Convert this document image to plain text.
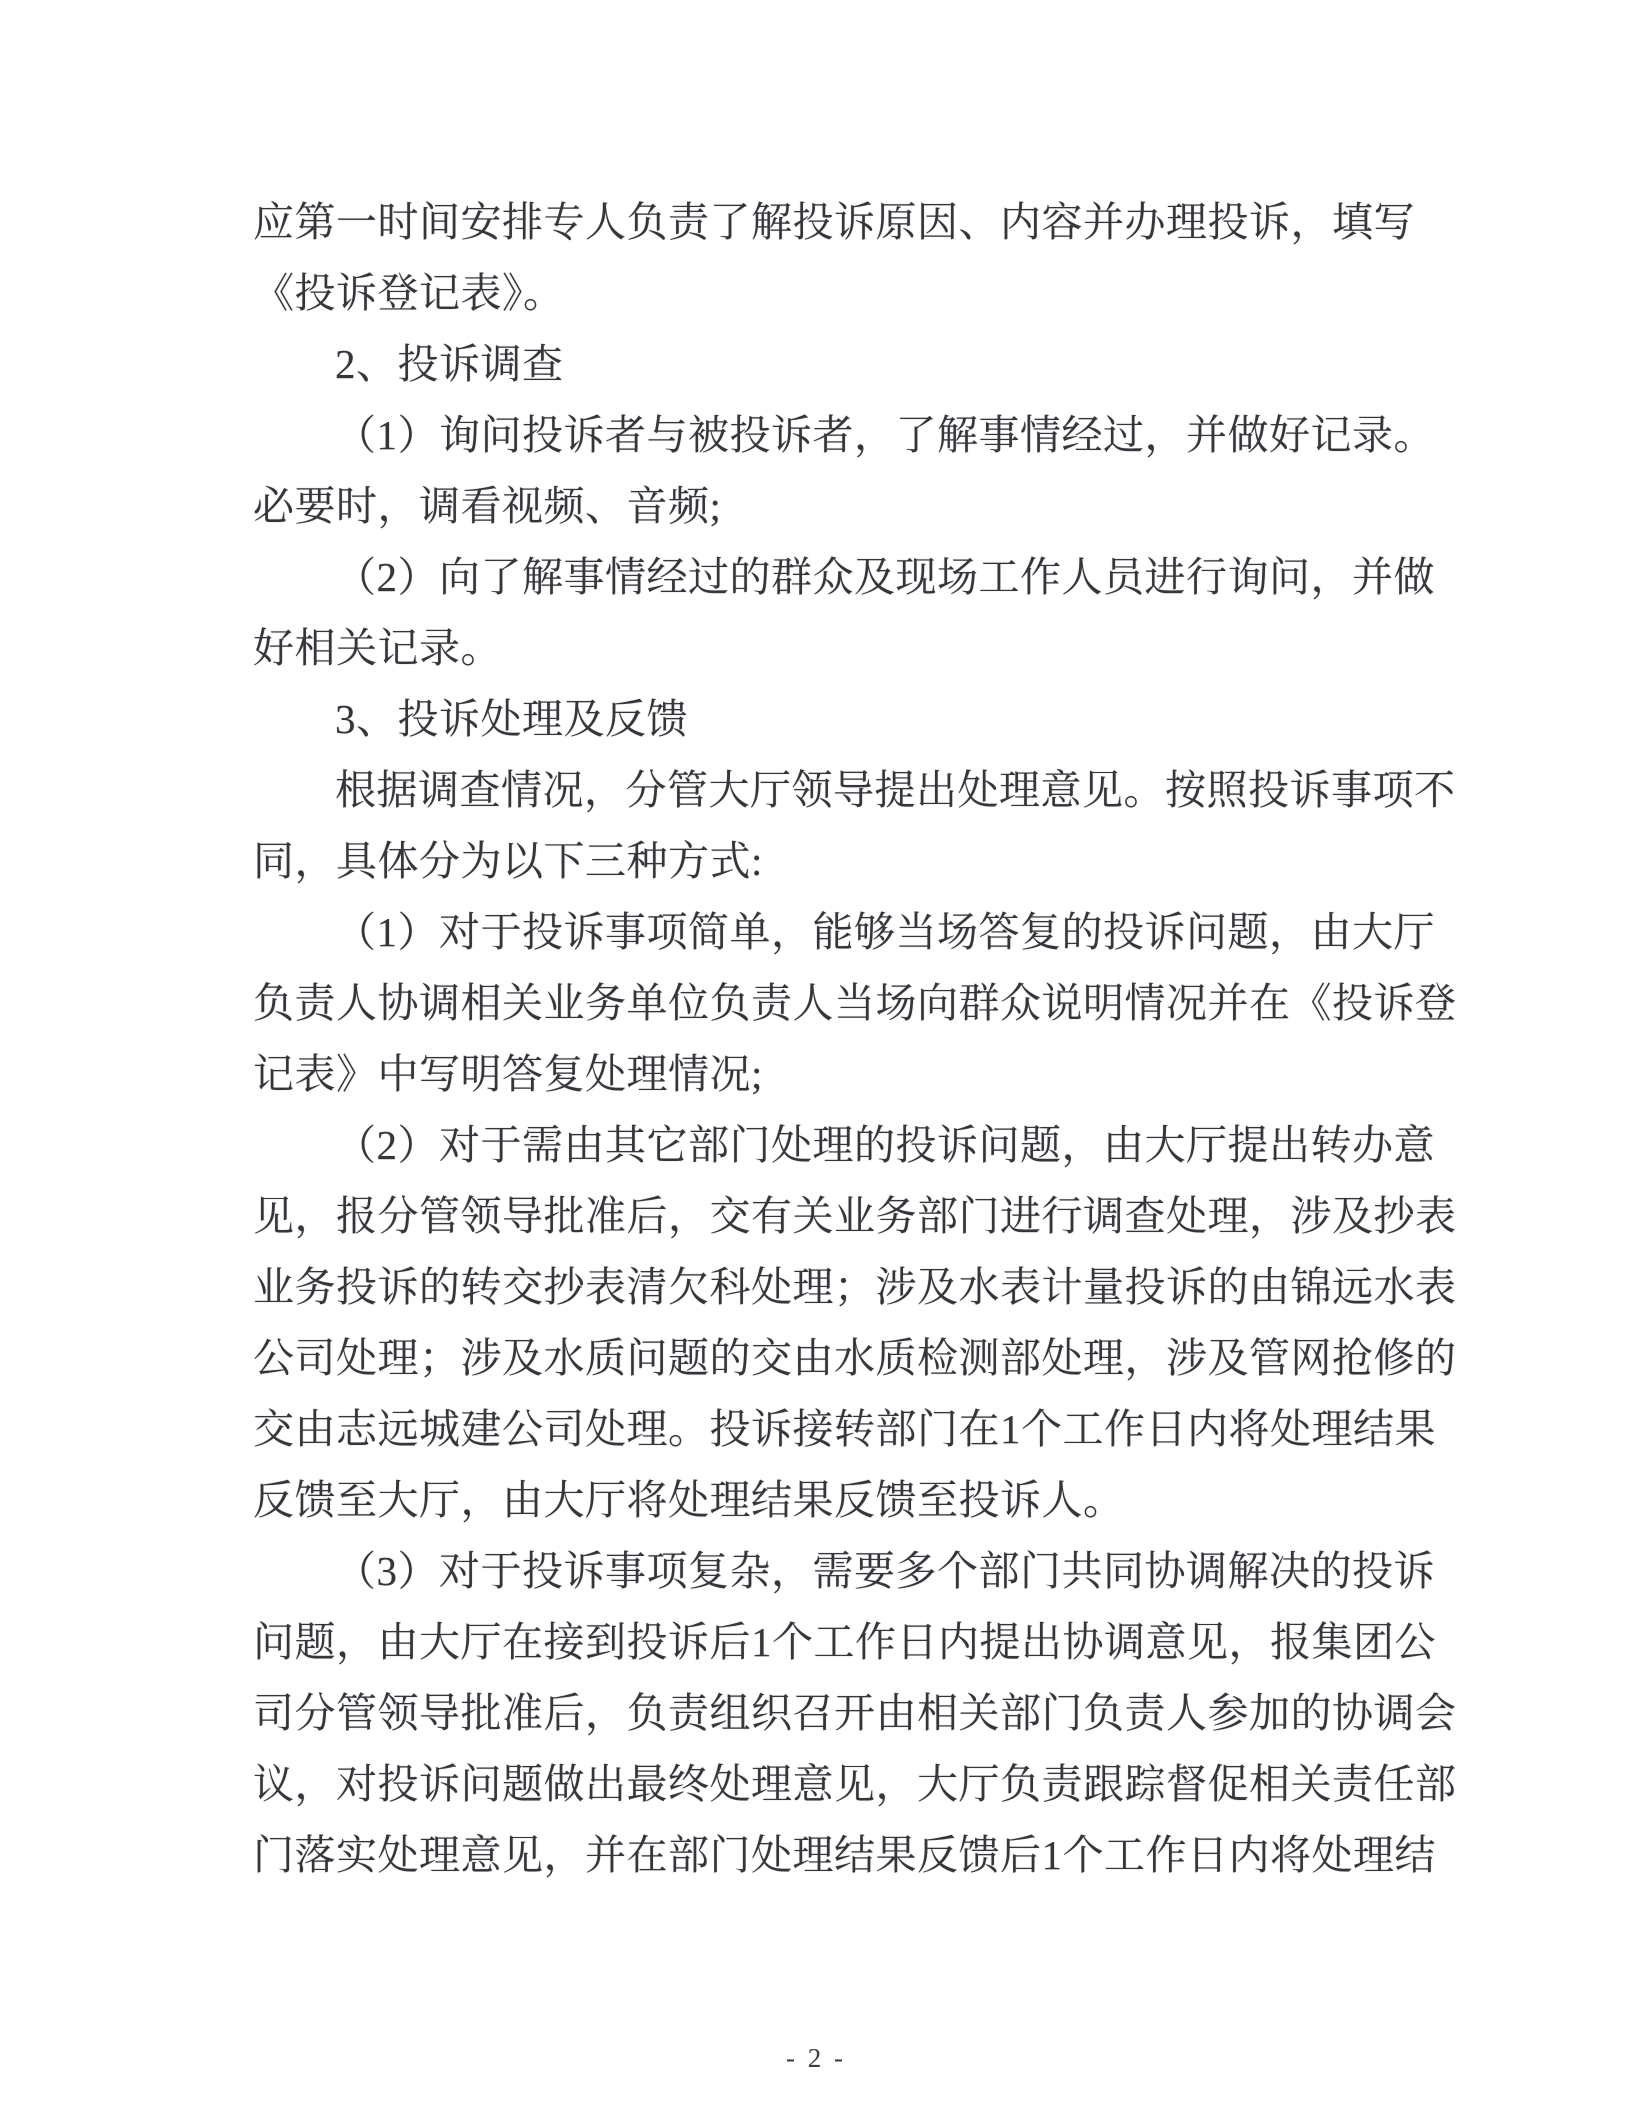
应第一时间安排专人负责了解投诉原因、内容并办理投诉，填写
《投诉登记表》。
2、投诉调查
（1）询问投诉者与被投诉者，了解事情经过，并做好记录。
必要时，调看视频、音频;
（2）向了解事情经过的群众及现场工作人员进行询问，并做
好相关记录。
3、投诉处理及反馈
根据调查情况，分管大厅领导提出处理意见。按照投诉事项不
同，具体分为以下三种方式:
（1）对于投诉事项简单，能够当场答复的投诉问题，由大厅
负责人协调相关业务单位负责人当场向群众说明情况并在《投诉登
记表》中写明答复处理情况;
（2）对于需由其它部门处理的投诉问题，由大厅提出转办意
见，报分管领导批准后，交有关业务部门进行调查处理，涉及抄表
业务投诉的转交抄表清欠科处理；涉及水表计量投诉的由锦远水表
公司处理；涉及水质问题的交由水质检测部处理，涉及管网抢修的
交由志远城建公司处理。投诉接转部门在1个工作日内将处理结果
反馈至大厅，由大厅将处理结果反馈至投诉人。
（3）对于投诉事项复杂，需要多个部门共同协调解决的投诉
问题，由大厅在接到投诉后1个工作日内提出协调意见，报集团公
司分管领导批准后，负责组织召开由相关部门负责人参加的协调会
议，对投诉问题做出最终处理意见，大厅负责跟踪督促相关责任部
门落实处理意见，并在部门处理结果反馈后1个工作日内将处理结
- 2 -
